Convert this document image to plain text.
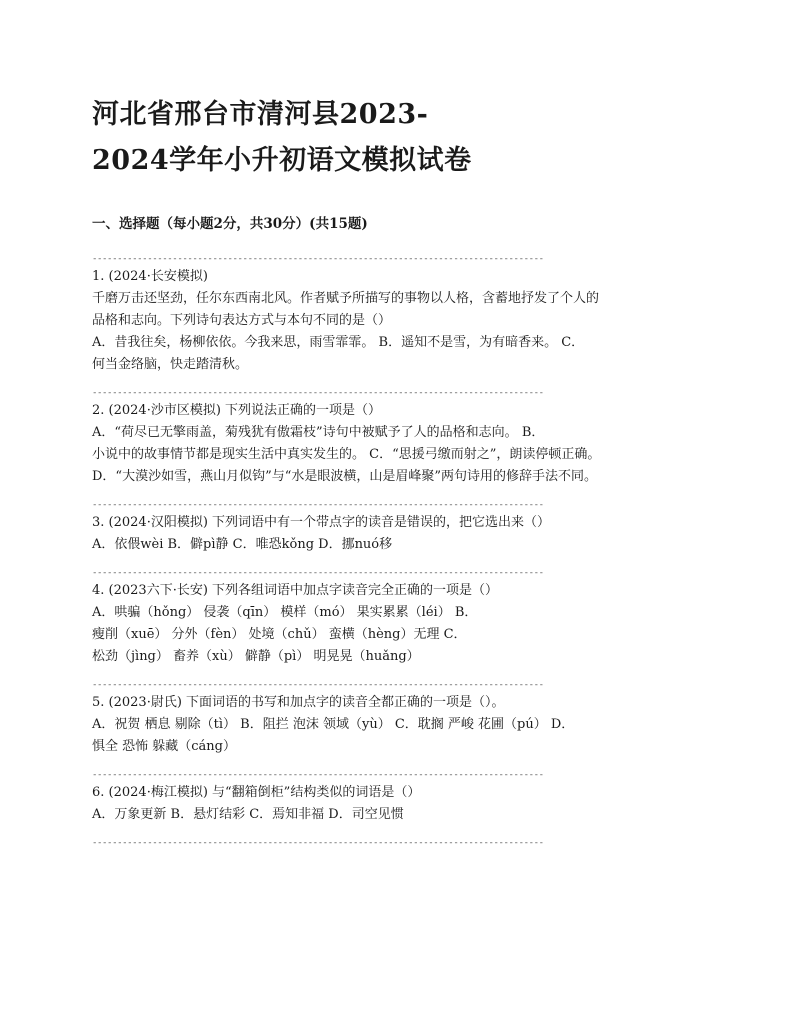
河北省邢台市清河县2023-
2024学年小升初语文模拟试卷
一、选择题（每小题2分，共30分）(共15题)
------------------------------------------------------------------------------------------
1. (2024·长安模拟)
千磨万击还坚劲，任尔东西南北风。作者赋予所描写的事物以人格，含蓄地抒发了个人的
品格和志向。下列诗句表达方式与本句不同的是（）
A．昔我往矣，杨柳依依。今我来思，雨雪霏霏。 B．遥知不是雪，为有暗香来。 C．
何当金络脑，快走踏清秋。
------------------------------------------------------------------------------------------
2. (2024·沙市区模拟) 下列说法正确的一项是（）
A．“荷尽已无擎雨盖，菊残犹有傲霜枝”诗句中被赋予了人的品格和志向。 B．
小说中的故事情节都是现实生活中真实发生的。 C．“思援弓缴而射之”，朗读停顿正确。
D．“大漠沙如雪，燕山月似钩”与“水是眼波横，山是眉峰聚”两句诗用的修辞手法不同。
------------------------------------------------------------------------------------------
3. (2024·汉阳模拟) 下列词语中有一个带点字的读音是错误的，把它选出来（）
A．依偎wèi B．僻pì静 C．唯恐kǒng D．挪nuó移
------------------------------------------------------------------------------------------
4. (2023六下·长安) 下列各组词语中加点字读音完全正确的一项是（）
A．哄骗（hǒng） 侵袭（qīn） 模样（mó） 果实累累（léi） B．
瘦削（xuē） 分外（fèn） 处境（chǔ） 蛮横（hèng）无理 C．
松劲（jìng） 畜养（xù） 僻静（pì） 明晃晃（huǎng）
------------------------------------------------------------------------------------------
5. (2023·尉氏) 下面词语的书写和加点字的读音全都正确的一项是（）。
A．祝贺 栖息 剔除（tì） B．阻拦 泡沫 领域（yù） C．耽搁 严峻 花圃（pú） D．
惧全 恐怖 躲藏（cáng）
------------------------------------------------------------------------------------------
6. (2024·梅江模拟) 与“翻箱倒柜”结构类似的词语是（）
A．万象更新 B．悬灯结彩 C．焉知非福 D．司空见惯
------------------------------------------------------------------------------------------
